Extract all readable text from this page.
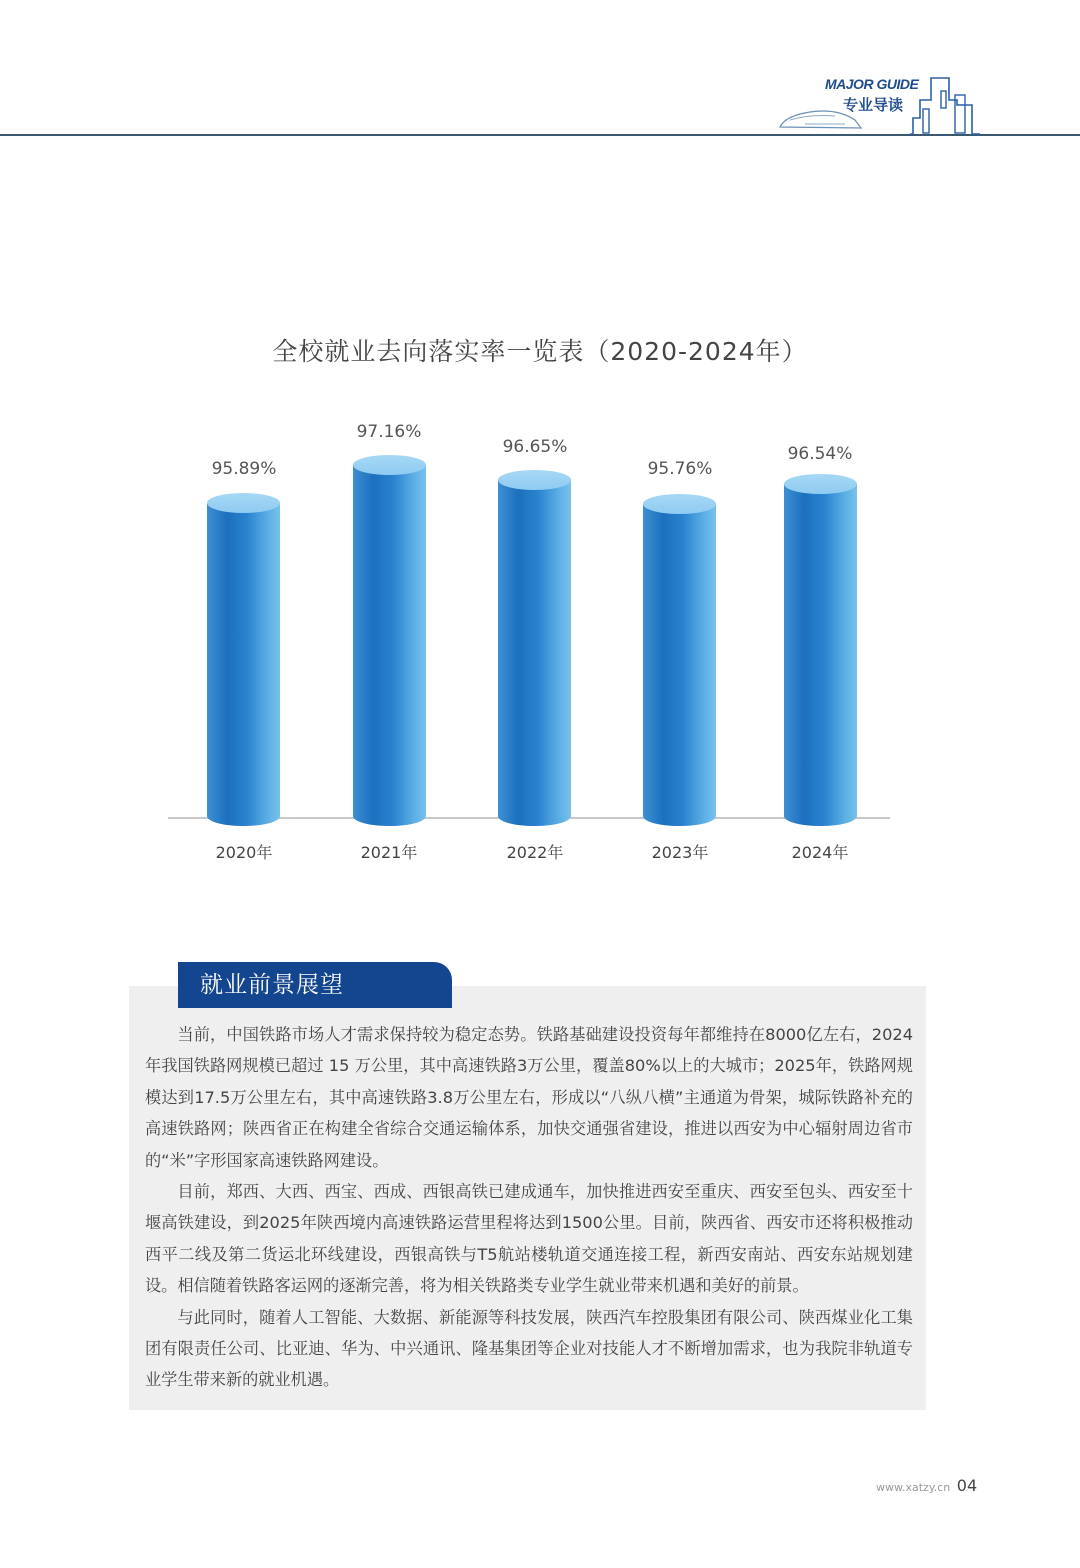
MAJOR GUIDE
专业导读
全校就业去向落实率一览表（2020-2024年）
95.89%
2020年
97.16%
2021年
96.65%
2022年
95.76%
2023年
96.54%
2024年
就业前景展望

当前，中国铁路市场人才需求保持较为稳定态势。铁路基础建设投资每年都维持在8000亿左右，2024年我国铁路网规模已超过 15 万公里，其中高速铁路3万公里，覆盖80%以上的大城市；2025年，铁路网规模达到17.5万公里左右，其中高速铁路3.8万公里左右，形成以“八纵八横”主通道为骨架，城际铁路补充的高速铁路网；陕西省正在构建全省综合交通运输体系，加快交通强省建设，推进以西安为中心辐射周边省市的“米”字形国家高速铁路网建设。

目前，郑西、大西、西宝、西成、西银高铁已建成通车，加快推进西安至重庆、西安至包头、西安至十堰高铁建设，到2025年陕西境内高速铁路运营里程将达到1500公里。目前，陕西省、西安市还将积极推动西平二线及第二货运北环线建设，西银高铁与T5航站楼轨道交通连接工程，新西安南站、西安东站规划建设。相信随着铁路客运网的逐渐完善，将为相关铁路类专业学生就业带来机遇和美好的前景。

与此同时，随着人工智能、大数据、新能源等科技发展，陕西汽车控股集团有限公司、陕西煤业化工集团有限责任公司、比亚迪、华为、中兴通讯、隆基集团等企业对技能人才不断增加需求，也为我院非轨道专业学生带来新的就业机遇。

www.xatzy.cn 04
